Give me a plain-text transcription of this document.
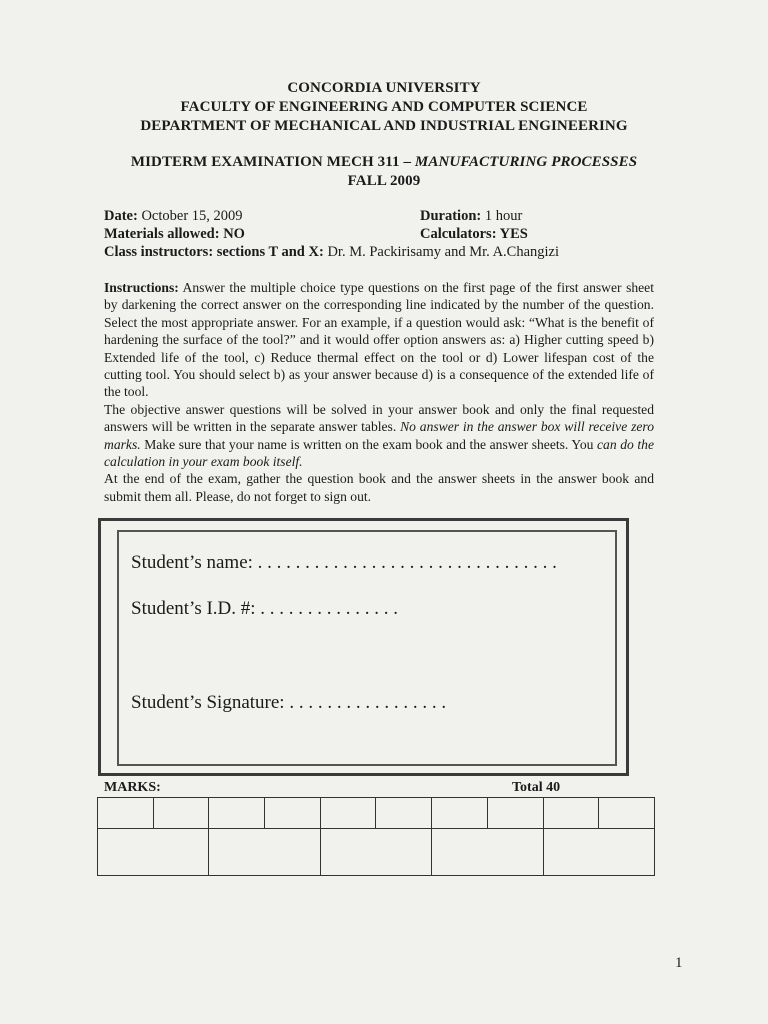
CONCORDIA UNIVERSITY
FACULTY OF ENGINEERING AND COMPUTER SCIENCE
DEPARTMENT OF MECHANICAL AND INDUSTRIAL ENGINEERING
MIDTERM EXAMINATION MECH 311 – MANUFACTURING PROCESSES
FALL 2009
Date: October 15, 2009	Duration: 1 hour
Materials allowed: NO	Calculators: YES
Class instructors: sections T and X: Dr. M. Packirisamy and Mr. A.Changizi

Instructions: Answer the multiple choice type questions on the first page of the first answer sheet by darkening the correct answer on the corresponding line indicated by the number of the question. Select the most appropriate answer. For an example, if a question would ask: “What is the benefit of hardening the surface of the tool?” and it would offer option answers as: a) Higher cutting speed b) Extended life of the tool, c) Reduce thermal effect on the tool or d) Lower lifespan cost of the cutting tool. You should select b) as your answer because d) is a consequence of the extended life of the tool.

The objective answer questions will be solved in your answer book and only the final requested answers will be written in the separate answer tables. No answer in the answer box will receive zero marks. Make sure that your name is written on the exam book and the answer sheets. You can do the calculation in your exam book itself.

At the end of the exam, gather the question book and the answer sheets in the answer book and submit them all. Please, do not forget to sign out.

Student’s name: . . . . . . . . . . . . . . . . . . . . . . . . . . . . . . . .
Student’s I.D. #: . . . . . . . . . . . . . . .
Student’s Signature: . . . . . . . . . . . . . . . . .
MARKS:	Total 40

1
